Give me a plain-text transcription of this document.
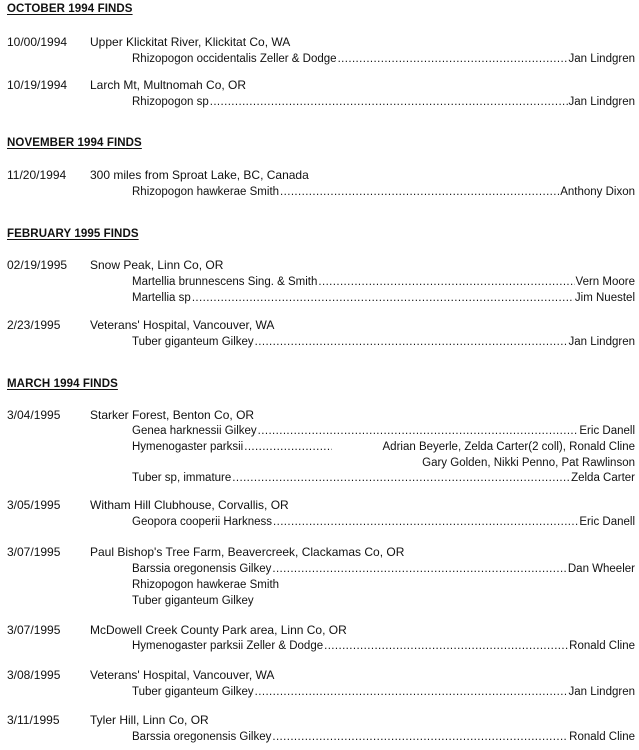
OCTOBER 1994 FINDS
10/00/1994 Upper Klickitat River, Klickitat Co, WA
Rhizopogon occidentalis Zeller & Dodge .....	Jan Lindgren
10/19/1994 Larch Mt, Multnomah Co, OR
Rhizopogon sp .....	Jan Lindgren
NOVEMBER 1994 FINDS
11/20/1994 300 miles from Sproat Lake, BC, Canada
Rhizopogon hawkerae Smith .....	Anthony Dixon
FEBRUARY 1995 FINDS
02/19/1995 Snow Peak, Linn Co, OR
Martellia brunnescens Sing. & Smith .....	Vern Moore
Martellia sp .....	Jim Nuestel
2/23/1995 Veterans' Hospital, Vancouver, WA
Tuber giganteum Gilkey .....	Jan Lindgren
MARCH 1994 FINDS
3/04/1995 Starker Forest, Benton Co, OR
Genea harknessii Gilkey .....	Eric Danell
Hymenogaster parksii .....	Adrian Beyerle, Zelda Carter(2 coll), Ronald Cline
Gary Golden, Nikki Penno, Pat Rawlinson
Tuber sp, immature .....	Zelda Carter
3/05/1995 Witham Hill Clubhouse, Corvallis, OR
Geopora cooperii Harkness .....	Eric Danell
3/07/1995 Paul Bishop's Tree Farm, Beavercreek, Clackamas Co, OR
Barssia oregonensis Gilkey .....	Dan Wheeler
Rhizopogon hawkerae Smith
Tuber giganteum Gilkey
3/07/1995 McDowell Creek County Park area, Linn Co, OR
Hymenogaster parksii Zeller & Dodge .....	Ronald Cline
3/08/1995 Veterans' Hospital, Vancouver, WA
Tuber giganteum Gilkey .....	Jan Lindgren
3/11/1995	Tyler Hill, Linn Co, OR
Barssia oregonensis Gilkey .....	Ronald Cline
